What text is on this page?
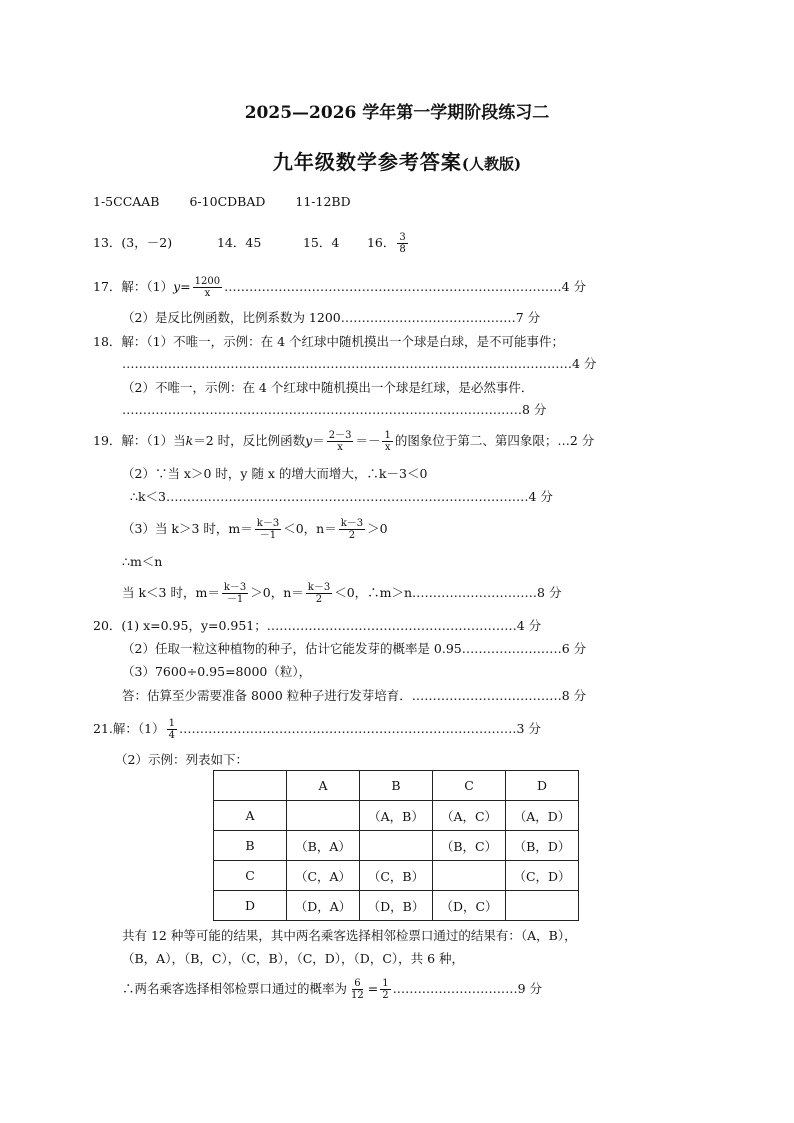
2025—2026 学年第一学期阶段练习二
九年级数学参考答案(人教版)
1-5CCAAB 6-10CDBAD 11-12BD
13．(3，－2)	14．45	15．4 16． $\frac{3}{8}$
17．解：$(1)y= \frac{1200}{x}$ ………………………………………………………………………4 分
（2）是反比例函数，比例系数为 1200……………………………………7 分
18．解：（1）不唯一，示例：在 4 个红球中随机摸出一个球是白球，是不可能事件；
………………………………………………………………………………………………4 分
（2）不唯一，示例：在 4 个红球中随机摸出一个球是红球，是必然事件．
……………………………………………………………………………………8 分
19．解：（1）当k＝2 时，反比例函数$y= \frac{2-3}{x} =- \frac{1}{x}$ 的图象位于第二、第四象限；…2 分
（2）∵当 x＞0 时，y 随 x 的增大而增大，∴k－3＜0
∴k＜3……………………………………………………………………………4 分
（3）当 k＞3 时，$m= \frac{k-3}{-1} <0$，$n= \frac{k-3}{2} >0$
∴m＜n
当 k＜3 时，$m= \frac{k-3}{-1} >0$，$n= \frac{k-3}{2} <0$，∴m＞n…………………………8 分
20．(1) x=0.95，y=0.951；……………………………………………………4 分
（2）任取一粒这种植物的种子，估计它能发芽的概率是 0.95……………………6 分
（3）7600÷0.95=8000（粒），
答：估算至少需要准备 8000 粒种子进行发芽培育．………………………………8 分
21.解：$(1) \frac{1}{4}$ ………………………………………………………………………3 分
（2）示例：列表如下：
	A	B	C	D
A		（A，B）	（A，C）	（A，D）
B	（B，A）		（B，C）	（B，D）
C	（C，A）	（C，B）		（C，D）
D	（D，A）	（D，B）	（D，C）	
共有 12 种等可能的结果，其中两名乘客选择相邻检票口通过的结果有：（A，B），
（B，A），（B，C），（C，B），（C，D），（D，C），共 6 种，
∴两名乘客选择相邻检票口通过的概率为 $\frac{6}{12} = \frac{1}{2}$ …………………………9 分
